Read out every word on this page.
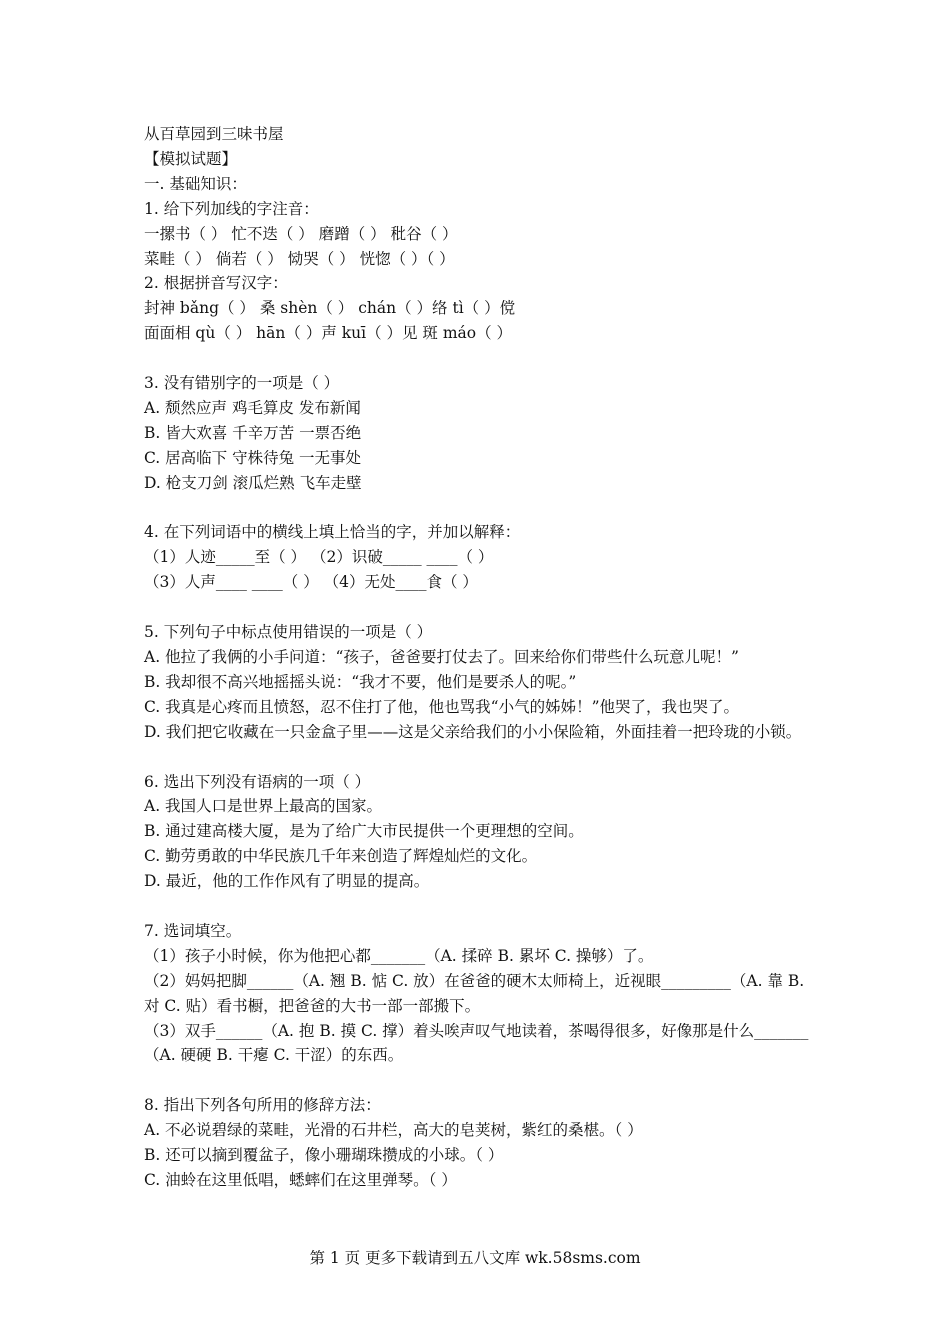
从百草园到三味书屋
【模拟试题】
一. 基础知识：
1. 给下列加线的字注音：
一摞书（ ） 忙不迭（ ） 磨蹭（ ） 秕谷（ ）
菜畦（ ） 倘若（ ） 恸哭（ ） 恍惚（ ）（ ）
2. 根据拼音写汉字：
封神 bǎng（ ） 桑 shèn（ ） chán（ ）络 tì（ ）傥
面面相 qù（ ） hān（ ）声 kuī（ ）见 斑 máo（ ）
3. 没有错别字的一项是（ ）
A. 颓然应声 鸡毛算皮 发布新闻
B. 皆大欢喜 千辛万苦 一票否绝
C. 居高临下 守株待兔 一无事处
D. 枪支刀剑 滚瓜烂熟 飞车走壁
4. 在下列词语中的横线上填上恰当的字，并加以解释：
（1）人迹_____至（ ） （2）识破_____ ____（ ）
（3）人声____ ____（ ） （4）无处____食（ ）
5. 下列句子中标点使用错误的一项是（ ）
A. 他拉了我俩的小手问道：“孩子，爸爸要打仗去了。回来给你们带些什么玩意儿呢！”
B. 我却很不高兴地摇摇头说：“我才不要，他们是要杀人的呢。”
C. 我真是心疼而且愤怒，忍不住打了他，他也骂我“小气的姊姊！”他哭了，我也哭了。
D. 我们把它收藏在一只金盒子里——这是父亲给我们的小小保险箱，外面挂着一把玲珑的小锁。
6. 选出下列没有语病的一项（ ）
A. 我国人口是世界上最高的国家。
B. 通过建高楼大厦，是为了给广大市民提供一个更理想的空间。
C. 勤劳勇敢的中华民族几千年来创造了辉煌灿烂的文化。
D. 最近，他的工作作风有了明显的提高。
7. 选词填空。
（1）孩子小时候，你为他把心都_______（A. 揉碎 B. 累坏 C. 操够）了。
（2）妈妈把脚______（A. 翘 B. 惦 C. 放）在爸爸的硬木太师椅上，近视眼_________（A. 靠 B. 对 C. 贴）看书橱，把爸爸的大书一部一部搬下。
（3）双手______（A. 抱 B. 摸 C. 撑）着头唉声叹气地读着，茶喝得很多，好像那是什么_______（A. 硬硬 B. 干瘪 C. 干涩）的东西。
8. 指出下列各句所用的修辞方法：
A. 不必说碧绿的菜畦，光滑的石井栏，高大的皂荚树，紫红的桑椹。（ ）
B. 还可以摘到覆盆子，像小珊瑚珠攒成的小球。（ ）
C. 油蛉在这里低唱，蟋蟀们在这里弹琴。（ ）
第 1 页 更多下载请到五八文库 wk.58sms.com
